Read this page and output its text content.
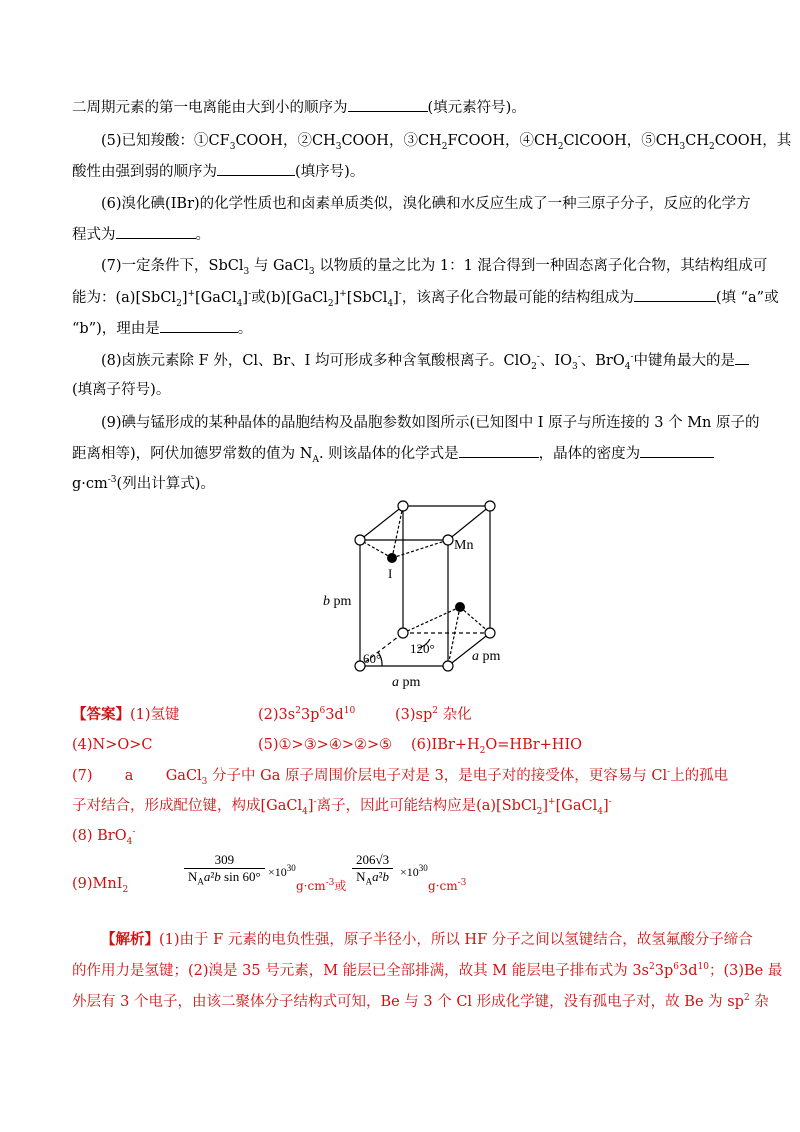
二周期元素的第一电离能由大到小的顺序为	(填元素符号)。
(5)已知羧酸：$①CF_3COOH$，$②CH_3COOH$，$③CH_2FCOOH$，$④CH_2ClCOOH$，$⑤CH_3CH_2COOH$，其
酸性由强到弱的顺序为	(填序号)。
(6)溴化碘(IBr)的化学性质也和卤素单质类似，溴化碘和水反应生成了一种三原子分子，反应的化学方
程式为	。
(7)一定条件下，SbCl$_3$ 与 GaCl$_3$ 以物质的量之比为 1：1 混合得到一种固态离子化合物，其结构组成可
能为：(a)[SbCl$_2$]+[GaCl$_4$]-或(b)[GaCl$_2$]+[SbCl$_4$]-，该离子化合物最可能的结构组成为	(填 “a”或
“b”)，理由是	。
(8)卤族元素除 F 外，Cl、Br、I 均可形成多种含氧酸根离子。ClO$_2$-、$IO_3^-$、BrO$_4$-中键角最大的是
(填离子符号)。
(9)碘与锰形成的某种晶体的晶胞结构及晶胞参数如图所示(已知图中 I 原子与所连接的 3 个 Mn 原子的
距离相等)，阿伏加德罗常数的值为 $N_A$. 则该晶体的化学式是	，晶体的密度为
$g\cdot cm^{-3}$(列出计算式)。
Mn
I
b pm
a pm
a pm
60°
120°
【答案】(1)氢键	$(2)3s^23p^63d^{10}$	$(3)sp^2$ 杂化
(4)N>O>C	(5)①>③>④>②>⑤ $(6)IBr+H_2O=HBr+HIO$
(7)       a       GaCl$_3$ 分子中 Ga 原子周围价层电子对是 3，是电子对的接受体，更容易与 Cl-上的孤电
子对结合，形成配位键，构成[GaCl$_4$]-离子，因此可能结构应是(a)[SbCl$_2$]+[GaCl$_4$]-
(8) BrO$_4$-
(9)MnI$_2$
309
$N_Aa^2b$ $\sin 60^\circ \times 10^{30}$
$g\cdot cm^{-3}$或
206√3
$N_Aa^2b \times 10^{30}$
$g\cdot cm^{-3}$
【解析】(1)由于 F 元素的电负性强，原子半径小，所以 HF 分子之间以氢键结合，故氢氟酸分子缔合
的作用力是氢键；(2)溴是 35 号元素，M 能层已全部排满，故其 M 能层电子排布式为 $3s^23p^63d^{10}$；(3)Be 最
外层有 3 个电子，由该二聚体分子结构式可知，Be 与 3 个 Cl 形成化学键，没有孤电子对，故 Be 为 $sp^2$ 杂
